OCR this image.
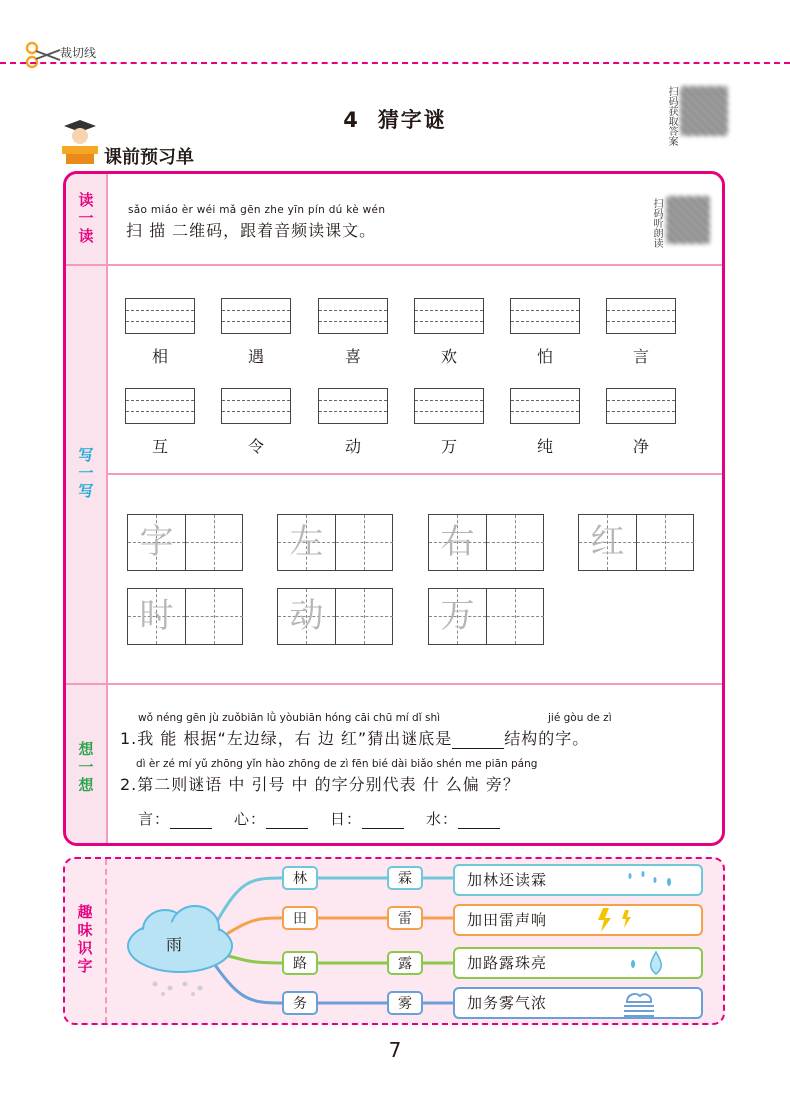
裁切线
扫码获取答案
4 猜字谜
课前预习单
读
一
读
写
一
写
想
一
想
sǎo miáo èr wéi mǎ gēn zhe yīn pín dú kè wén
扫 描 二维码，跟着音频读课文。	扫码听朗读
wǒ néng gēn jù zuǒbiān lǜ yòubiān hóng cāi chū mí dǐ shì	jié gòu de zì
1.我 能 根据“左边绿，右 边 红”猜出谜底是	结构的字。
dì èr zé mí yǔ zhōng yǐn hào zhōng de zì fēn bié dài biǎo shén me piān páng
2.第二则谜语 中 引号 中 的字分别代表 什 么偏 旁？
言：	心：	日：	水：
相	遇	喜	欢	怕	言
互	令	动	万	纯	净
字	左	右	红
时	动	万
趣
味
识
字
雨
林
田
路
务
霖
雷
露
雾
加林还读霖
加田雷声响
加路露珠亮
加务雾气浓
7
